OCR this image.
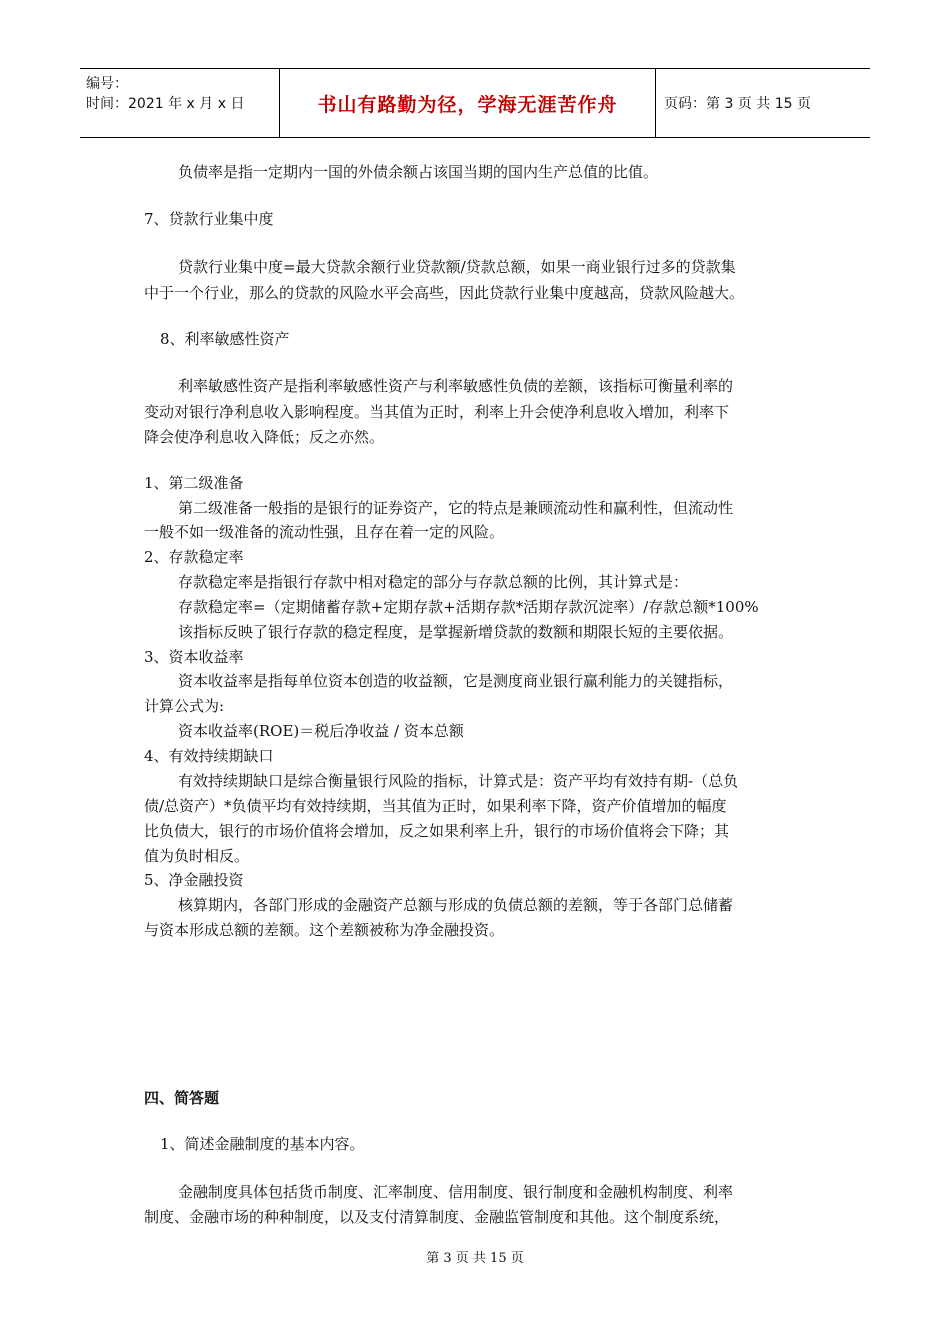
编号：
时间：2021 年 x 月 x 日	书山有路勤为径，学海无涯苦作舟	页码：第 3 页 共 15 页
负债率是指一定期内一国的外债余额占该国当期的国内生产总值的比值。
7、贷款行业集中度
贷款行业集中度=最大贷款余额行业贷款额/贷款总额，如果一商业银行过多的贷款集
中于一个行业，那么的贷款的风险水平会高些，因此贷款行业集中度越高，贷款风险越大。
8、利率敏感性资产
利率敏感性资产是指利率敏感性资产与利率敏感性负债的差额，该指标可衡量利率的
变动对银行净利息收入影响程度。当其值为正时，利率上升会使净利息收入增加，利率下
降会使净利息收入降低；反之亦然。
1、第二级准备
第二级准备一般指的是银行的证券资产，它的特点是兼顾流动性和赢利性，但流动性
一般不如一级准备的流动性强，且存在着一定的风险。
2、存款稳定率
存款稳定率是指银行存款中相对稳定的部分与存款总额的比例，其计算式是：
存款稳定率=（定期储蓄存款+定期存款+活期存款*活期存款沉淀率）/存款总额*100%
该指标反映了银行存款的稳定程度，是掌握新增贷款的数额和期限长短的主要依据。
3、资本收益率
资本收益率是指每单位资本创造的收益额，它是测度商业银行赢利能力的关键指标，
计算公式为:
资本收益率(ROE)＝税后净收益 / 资本总额
4、有效持续期缺口
有效持续期缺口是综合衡量银行风险的指标，计算式是：资产平均有效持有期-（总负
债/总资产）*负债平均有效持续期，当其值为正时，如果利率下降，资产价值增加的幅度
比负债大，银行的市场价值将会增加，反之如果利率上升，银行的市场价值将会下降；其
值为负时相反。
5、净金融投资
核算期内，各部门形成的金融资产总额与形成的负债总额的差额，等于各部门总储蓄
与资本形成总额的差额。这个差额被称为净金融投资。
四、简答题
1、简述金融制度的基本内容。
金融制度具体包括货币制度、汇率制度、信用制度、银行制度和金融机构制度、利率
制度、金融市场的种种制度，以及支付清算制度、金融监管制度和其他。这个制度系统，
第 3 页 共 15 页
